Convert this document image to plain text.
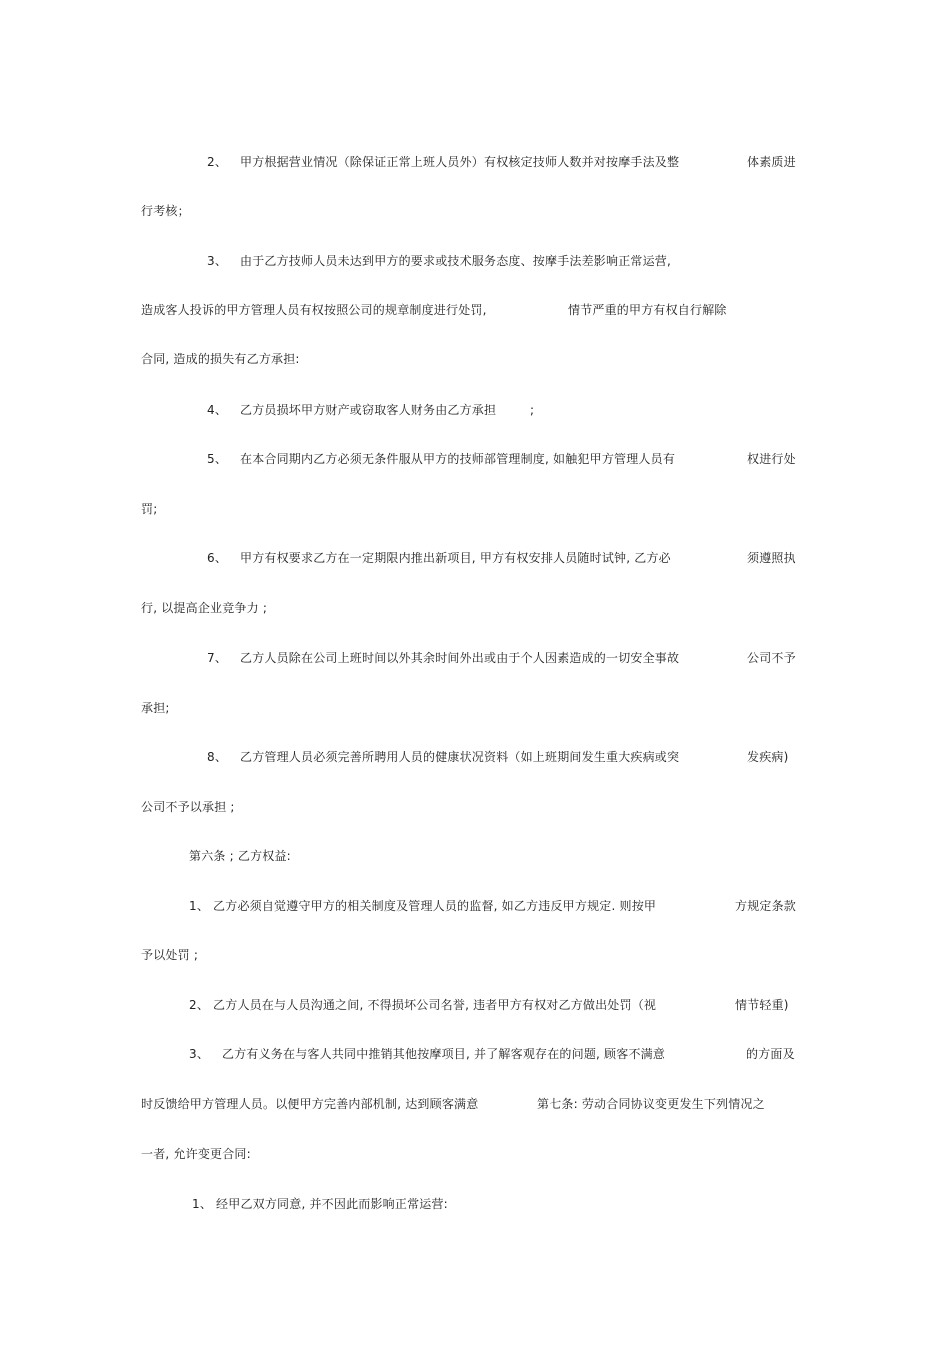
2、 甲方根据营业情况（除保证正常上班人员外）有权核定技师人数并对按摩手法及整	体素质进
行考核；
3、 由于乙方技师人员未达到甲方的要求或技术服务态度、按摩手法差影响正常运营,
造成客人投诉的甲方管理人员有权按照公司的规章制度进行处罚,	情节严重的甲方有权自行解除
合同, 造成的损失有乙方承担:
4、 乙方员损坏甲方财产或窃取客人财务由乙方承担	;
5、 在本合同期内乙方必须无条件服从甲方的技师部管理制度, 如触犯甲方管理人员有	权进行处
罚;
6、 甲方有权要求乙方在一定期限内推出新项目, 甲方有权安排人员随时试钟, 乙方必	须遵照执
行, 以提高企业竞争力 ;
7、 乙方人员除在公司上班时间以外其余时间外出或由于个人因素造成的一切安全事故	公司不予
承担;
8、 乙方管理人员必须完善所聘用人员的健康状况资料（如上班期间发生重大疾病或突	发疾病)
公司不予以承担 ;
第六条 ; 乙方权益:
1、 乙方必须自觉遵守甲方的相关制度及管理人员的监督, 如乙方违反甲方规定. 则按甲	方规定条款
予以处罚 ;
2、 乙方人员在与人员沟通之间, 不得损坏公司名誉, 违者甲方有权对乙方做出处罚（视	情节轻重)
3、 乙方有义务在与客人共同中推销其他按摩项目, 并了解客观存在的问题, 顾客不满意	的方面及
时反馈给甲方管理人员。以便甲方完善内部机制, 达到顾客满意	第七条: 劳动合同协议变更发生下列情况之
一者, 允许变更合同:
1、 经甲乙双方同意, 并不因此而影响正常运营:
